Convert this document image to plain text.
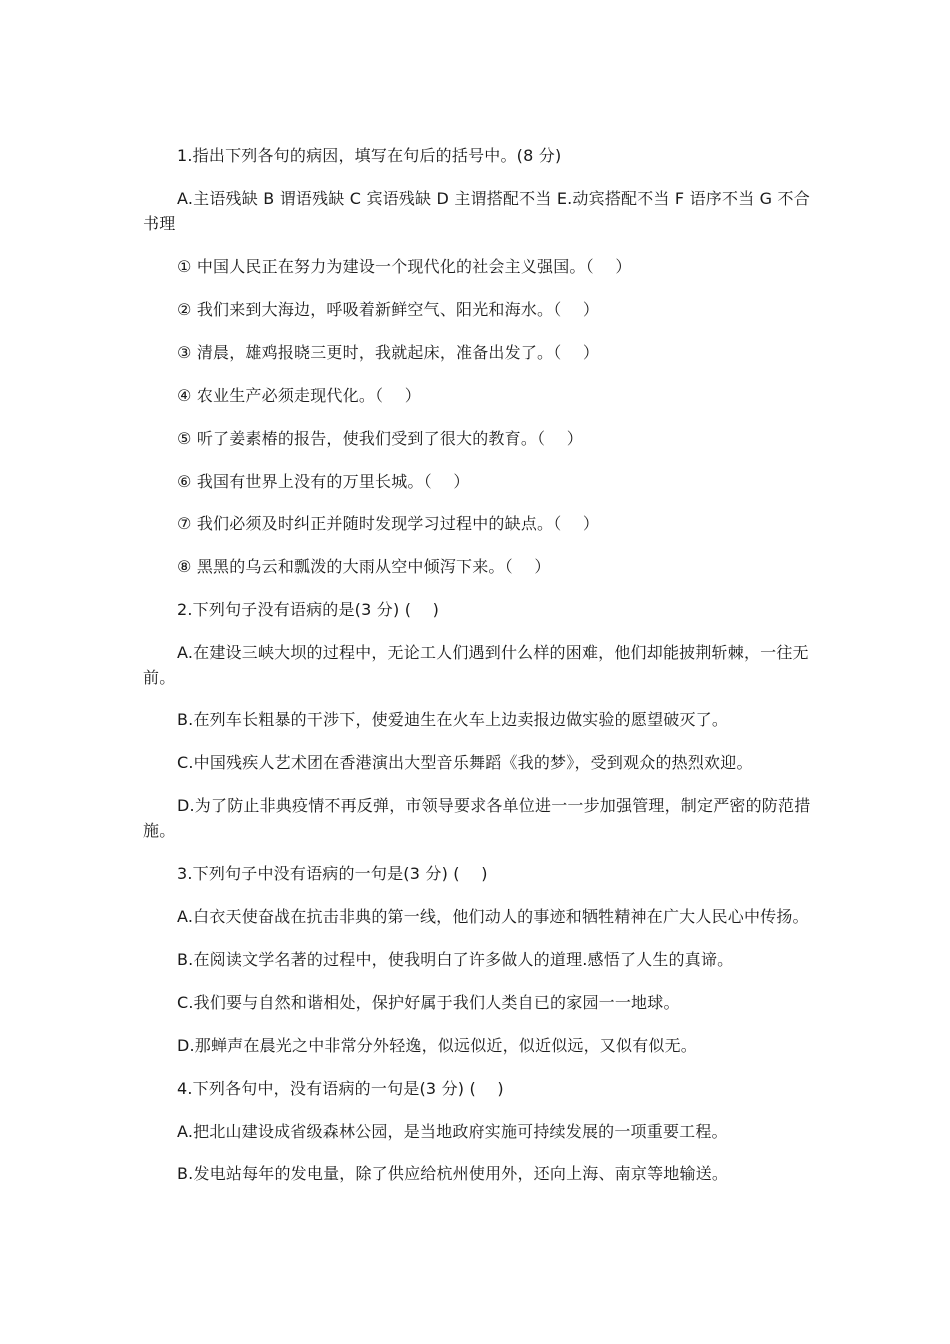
1.指出下列各句的病因，填写在句后的括号中。(8 分)
A.主语残缺 B 谓语残缺 C 宾语残缺 D 主谓搭配不当 E.动宾搭配不当 F 语序不当 G 不合书理
① 中国人民正在努力为建设一个现代化的社会主义强国。（　 ）
② 我们来到大海边，呼吸着新鲜空气、阳光和海水。（　 ）
③ 清晨，雄鸡报晓三更时，我就起床，准备出发了。（　 ）
④ 农业生产必须走现代化。（　 ）
⑤ 听了姜素椿的报告，使我们受到了很大的教育。（　 ）
⑥ 我国有世界上没有的万里长城。（　 ）
⑦ 我们必须及时纠正并随时发现学习过程中的缺点。（　 ）
⑧ 黑黑的乌云和瓢泼的大雨从空中倾泻下来。（　 ）
2.下列句子没有语病的是(3 分) (　 )
A.在建设三峡大坝的过程中，无论工人们遇到什么样的困难，他们却能披荆斩棘，一往无前。
B.在列车长粗暴的干涉下，使爱迪生在火车上边卖报边做实验的愿望破灭了。
C.中国残疾人艺术团在香港演出大型音乐舞蹈《我的梦》，受到观众的热烈欢迎。
D.为了防止非典疫情不再反弹，市领导要求各单位进一一步加强管理，制定严密的防范措施。
3.下列句子中没有语病的一句是(3 分) (　 )
A.白衣天使奋战在抗击非典的第一线，他们动人的事迹和牺牲精神在广大人民心中传扬。
B.在阅读文学名著的过程中，使我明白了许多做人的道理.感悟了人生的真谛。
C.我们要与自然和谐相处，保护好属于我们人类自已的家园一一地球。
D.那蝉声在晨光之中非常分外轻逸，似远似近，似近似远，又似有似无。
4.下列各句中，没有语病的一句是(3 分) (　 )
A.把北山建设成省级森林公园，是当地政府实施可持续发展的一项重要工程。
B.发电站每年的发电量，除了供应给杭州使用外，还向上海、南京等地输送。
